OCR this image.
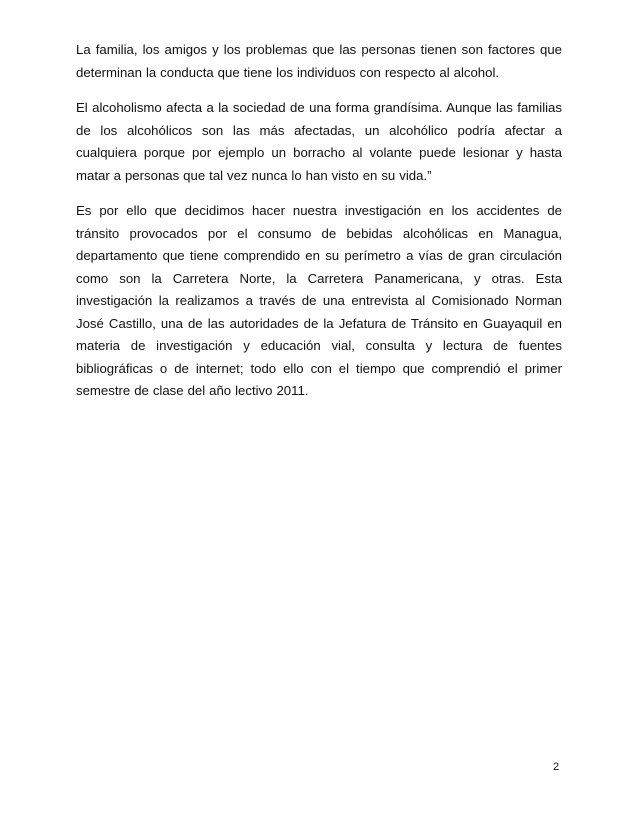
La familia, los amigos y los problemas que las personas tienen son factores que determinan la conducta que tiene los individuos con respecto al alcohol.

El alcoholismo afecta a la sociedad de una forma grandísima. Aunque las familias de los alcohólicos son las más afectadas, un alcohólico podría afectar a cualquiera porque por ejemplo un borracho al volante puede lesionar y hasta matar a personas que tal vez nunca lo han visto en su vida.”

Es por ello que decidimos hacer nuestra investigación en los accidentes de tránsito provocados por el consumo de bebidas alcohólicas en Managua, departamento que tiene comprendido en su perímetro a vías de gran circulación como son la Carretera Norte, la Carretera Panamericana, y otras. Esta investigación la realizamos a través de una entrevista al Comisionado Norman José Castillo, una de las autoridades de la Jefatura de Tránsito en Guayaquil en materia de investigación y educación vial, consulta y lectura de fuentes bibliográficas o de internet; todo ello con el tiempo que comprendió el primer semestre de clase del año lectivo 2011.

2
